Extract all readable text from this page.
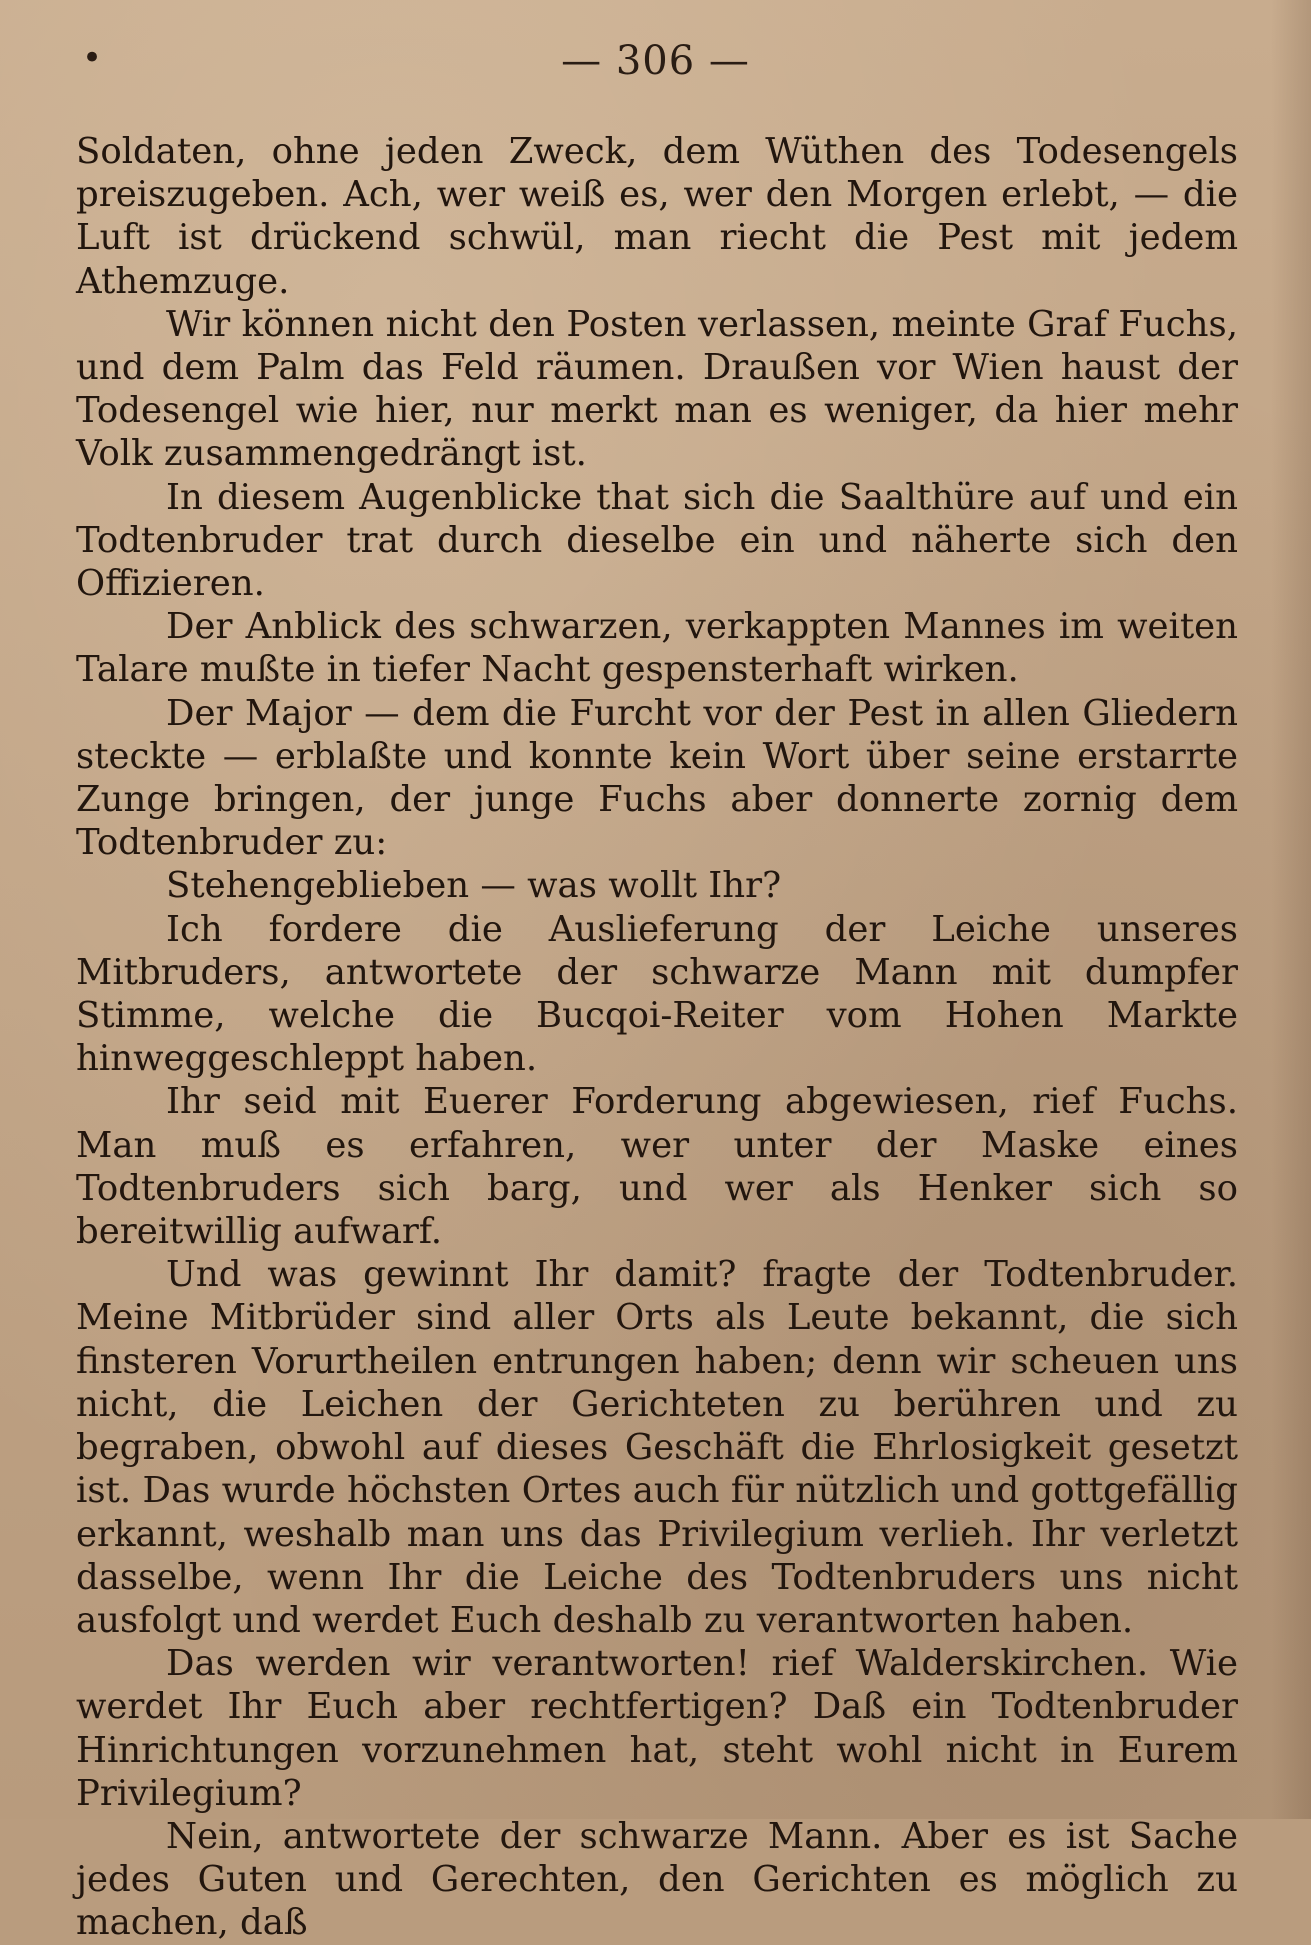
•	— 306 —

Soldaten, ohne jeden Zweck, dem Wüthen des Todesengels preiszugeben. Ach, wer weiß es, wer den Morgen erlebt, — die Luft ist drückend schwül, man riecht die Pest mit jedem Athemzuge.

Wir können nicht den Posten verlassen, meinte Graf Fuchs, und dem Palm das Feld räumen. Draußen vor Wien haust der Todesengel wie hier, nur merkt man es weniger, da hier mehr Volk zusammengedrängt ist.

In diesem Augenblicke that sich die Saalthüre auf und ein Todtenbruder trat durch dieselbe ein und näherte sich den Offizieren.

Der Anblick des schwarzen, verkappten Mannes im weiten Talare mußte in tiefer Nacht gespensterhaft wirken.

Der Major — dem die Furcht vor der Pest in allen Gliedern steckte — erblaßte und konnte kein Wort über seine erstarrte Zunge bringen, der junge Fuchs aber donnerte zornig dem Todtenbruder zu:

Stehengeblieben — was wollt Ihr?

Ich fordere die Auslieferung der Leiche unseres Mitbruders, antwortete der schwarze Mann mit dumpfer Stimme, welche die Bucqoi-Reiter vom Hohen Markte hinweggeschleppt haben.

Ihr seid mit Euerer Forderung abgewiesen, rief Fuchs. Man muß es erfahren, wer unter der Maske eines Todtenbruders sich barg, und wer als Henker sich so bereitwillig aufwarf.

Und was gewinnt Ihr damit? fragte der Todtenbruder. Meine Mitbrüder sind aller Orts als Leute bekannt, die sich finsteren Vorurtheilen entrungen haben; denn wir scheuen uns nicht, die Leichen der Gerichteten zu berühren und zu begraben, obwohl auf dieses Geschäft die Ehrlosigkeit gesetzt ist. Das wurde höchsten Ortes auch für nützlich und gottgefällig erkannt, weshalb man uns das Privilegium verlieh. Ihr verletzt dasselbe, wenn Ihr die Leiche des Todtenbruders uns nicht ausfolgt und werdet Euch deshalb zu verantworten haben.

Das werden wir verantworten! rief Walderskirchen. Wie werdet Ihr Euch aber rechtfertigen? Daß ein Todtenbruder Hinrichtungen vorzunehmen hat, steht wohl nicht in Eurem Privilegium?

Nein, antwortete der schwarze Mann. Aber es ist Sache jedes Guten und Gerechten, den Gerichten es möglich zu machen, daß
